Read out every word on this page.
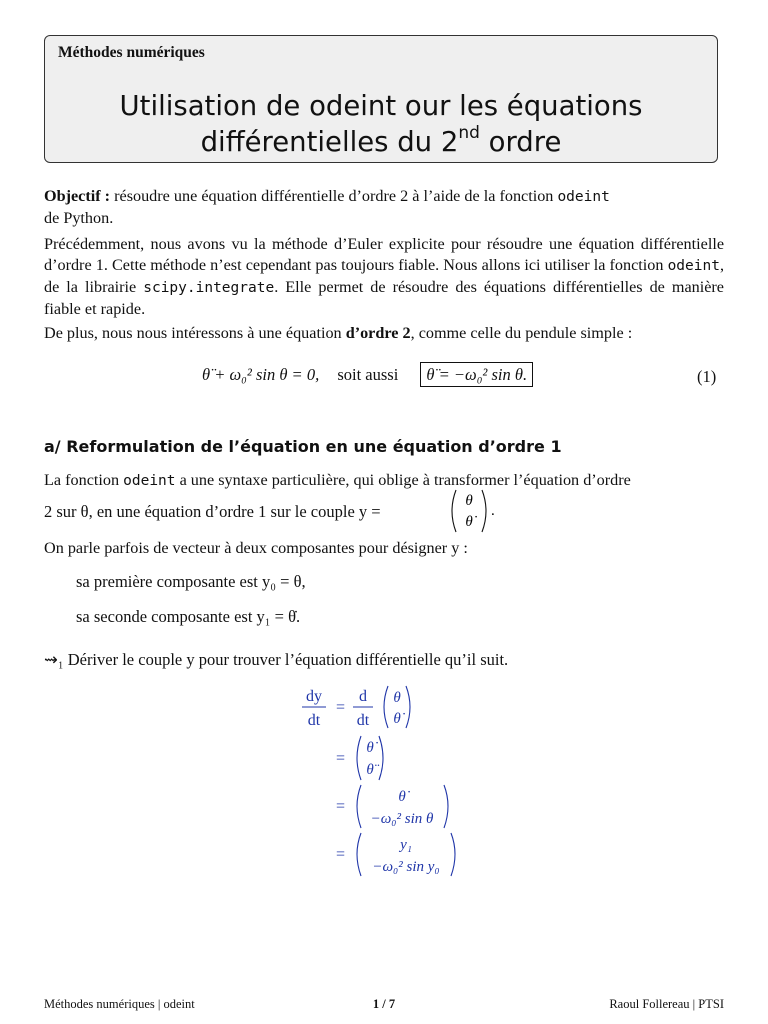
Méthodes numériques
Utilisation de odeint our les équations
différentielles du 2nd ordre
Objectif : résoudre une équation différentielle d’ordre 2 à l’aide de la fonction odeint
de Python.
Précédemment, nous avons vu la méthode d’Euler explicite pour résoudre une équation différentielle d’ordre 1. Cette méthode n’est cependant pas toujours fiable. Nous allons ici utiliser la fonction odeint, de la librairie scipy.integrate. Elle permet de résoudre des équations différentielles de manière fiable et rapide.
De plus, nous nous intéressons à une équation d’ordre 2, comme celle du pendule simple :
θ̈ + ω₀² sin θ = 0, soit aussi θ̈ = −ω₀² sin θ.	(1)
a/ Reformulation de l’équation en une équation d’ordre 1
La fonction odeint a une syntaxe particulière, qui oblige à transformer l’équation d’ordre
2 sur θ, en une équation d’ordre 1 sur le couple y =
θ
θ̇
.
On parle parfois de vecteur à deux composantes pour désigner y :
sa première composante est y₀ = θ,
sa seconde composante est y₁ = θ̇.
⇝₁ Dériver le couple y pour trouver l’équation différentielle qu’il suit.
dy
dt
=
d
dt
θ
θ̇
=
θ̇
θ̈
=
θ̇
−ω₀² sin θ
=
y₁
−ω₀² sin y₀
Méthodes numériques | odeint	1 / 7	Raoul Follereau | PTSI
